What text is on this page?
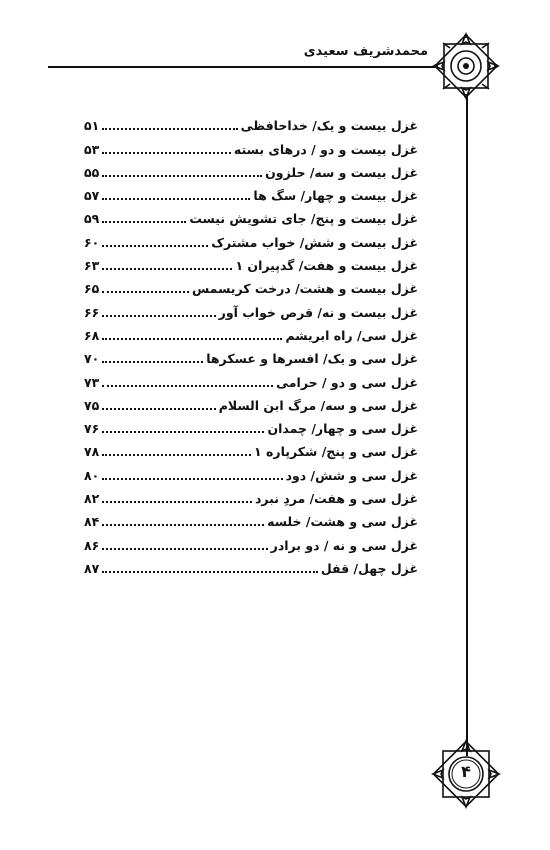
محمدشریف سعیدی
غزل بیست و یک/ خداحافظی
۵۱
غزل بیست و دو / درهای بسته
۵۳
غزل بیست و سه/ حلزون
۵۵
غزل بیست و چهار/ سگ ها
۵۷
غزل بیست و پنج/ جای تشویش نیست
۵۹
غزل بیست و شش/ خواب مشترک
۶۰
غزل بیست و هفت/ گدپیران ۱
۶۳
غزل بیست و هشت/ درخت کریسمس
۶۵
غزل بیست و نه/ قرص خواب آور
۶۶
غزل سی/ راه ابریشم
۶۸
غزل سی و یک/ افسرها و عسکرها
۷۰
غزل سی و دو / حرامی
۷۳
غزل سی و سه/ مرگ ابن السلام
۷۵
غزل سی و چهار/ چمدان
۷۶
غزل سی و پنج/ شکرپاره ۱
۷۸
غزل سی و شش/ دود
۸۰
غزل سی و هفت/ مردِ نبرد
۸۲
غزل سی و هشت/ خلسه
۸۴
غزل سی و نه / دو برادر
۸۶
غزل چهل/ قفل
۸۷
۴
